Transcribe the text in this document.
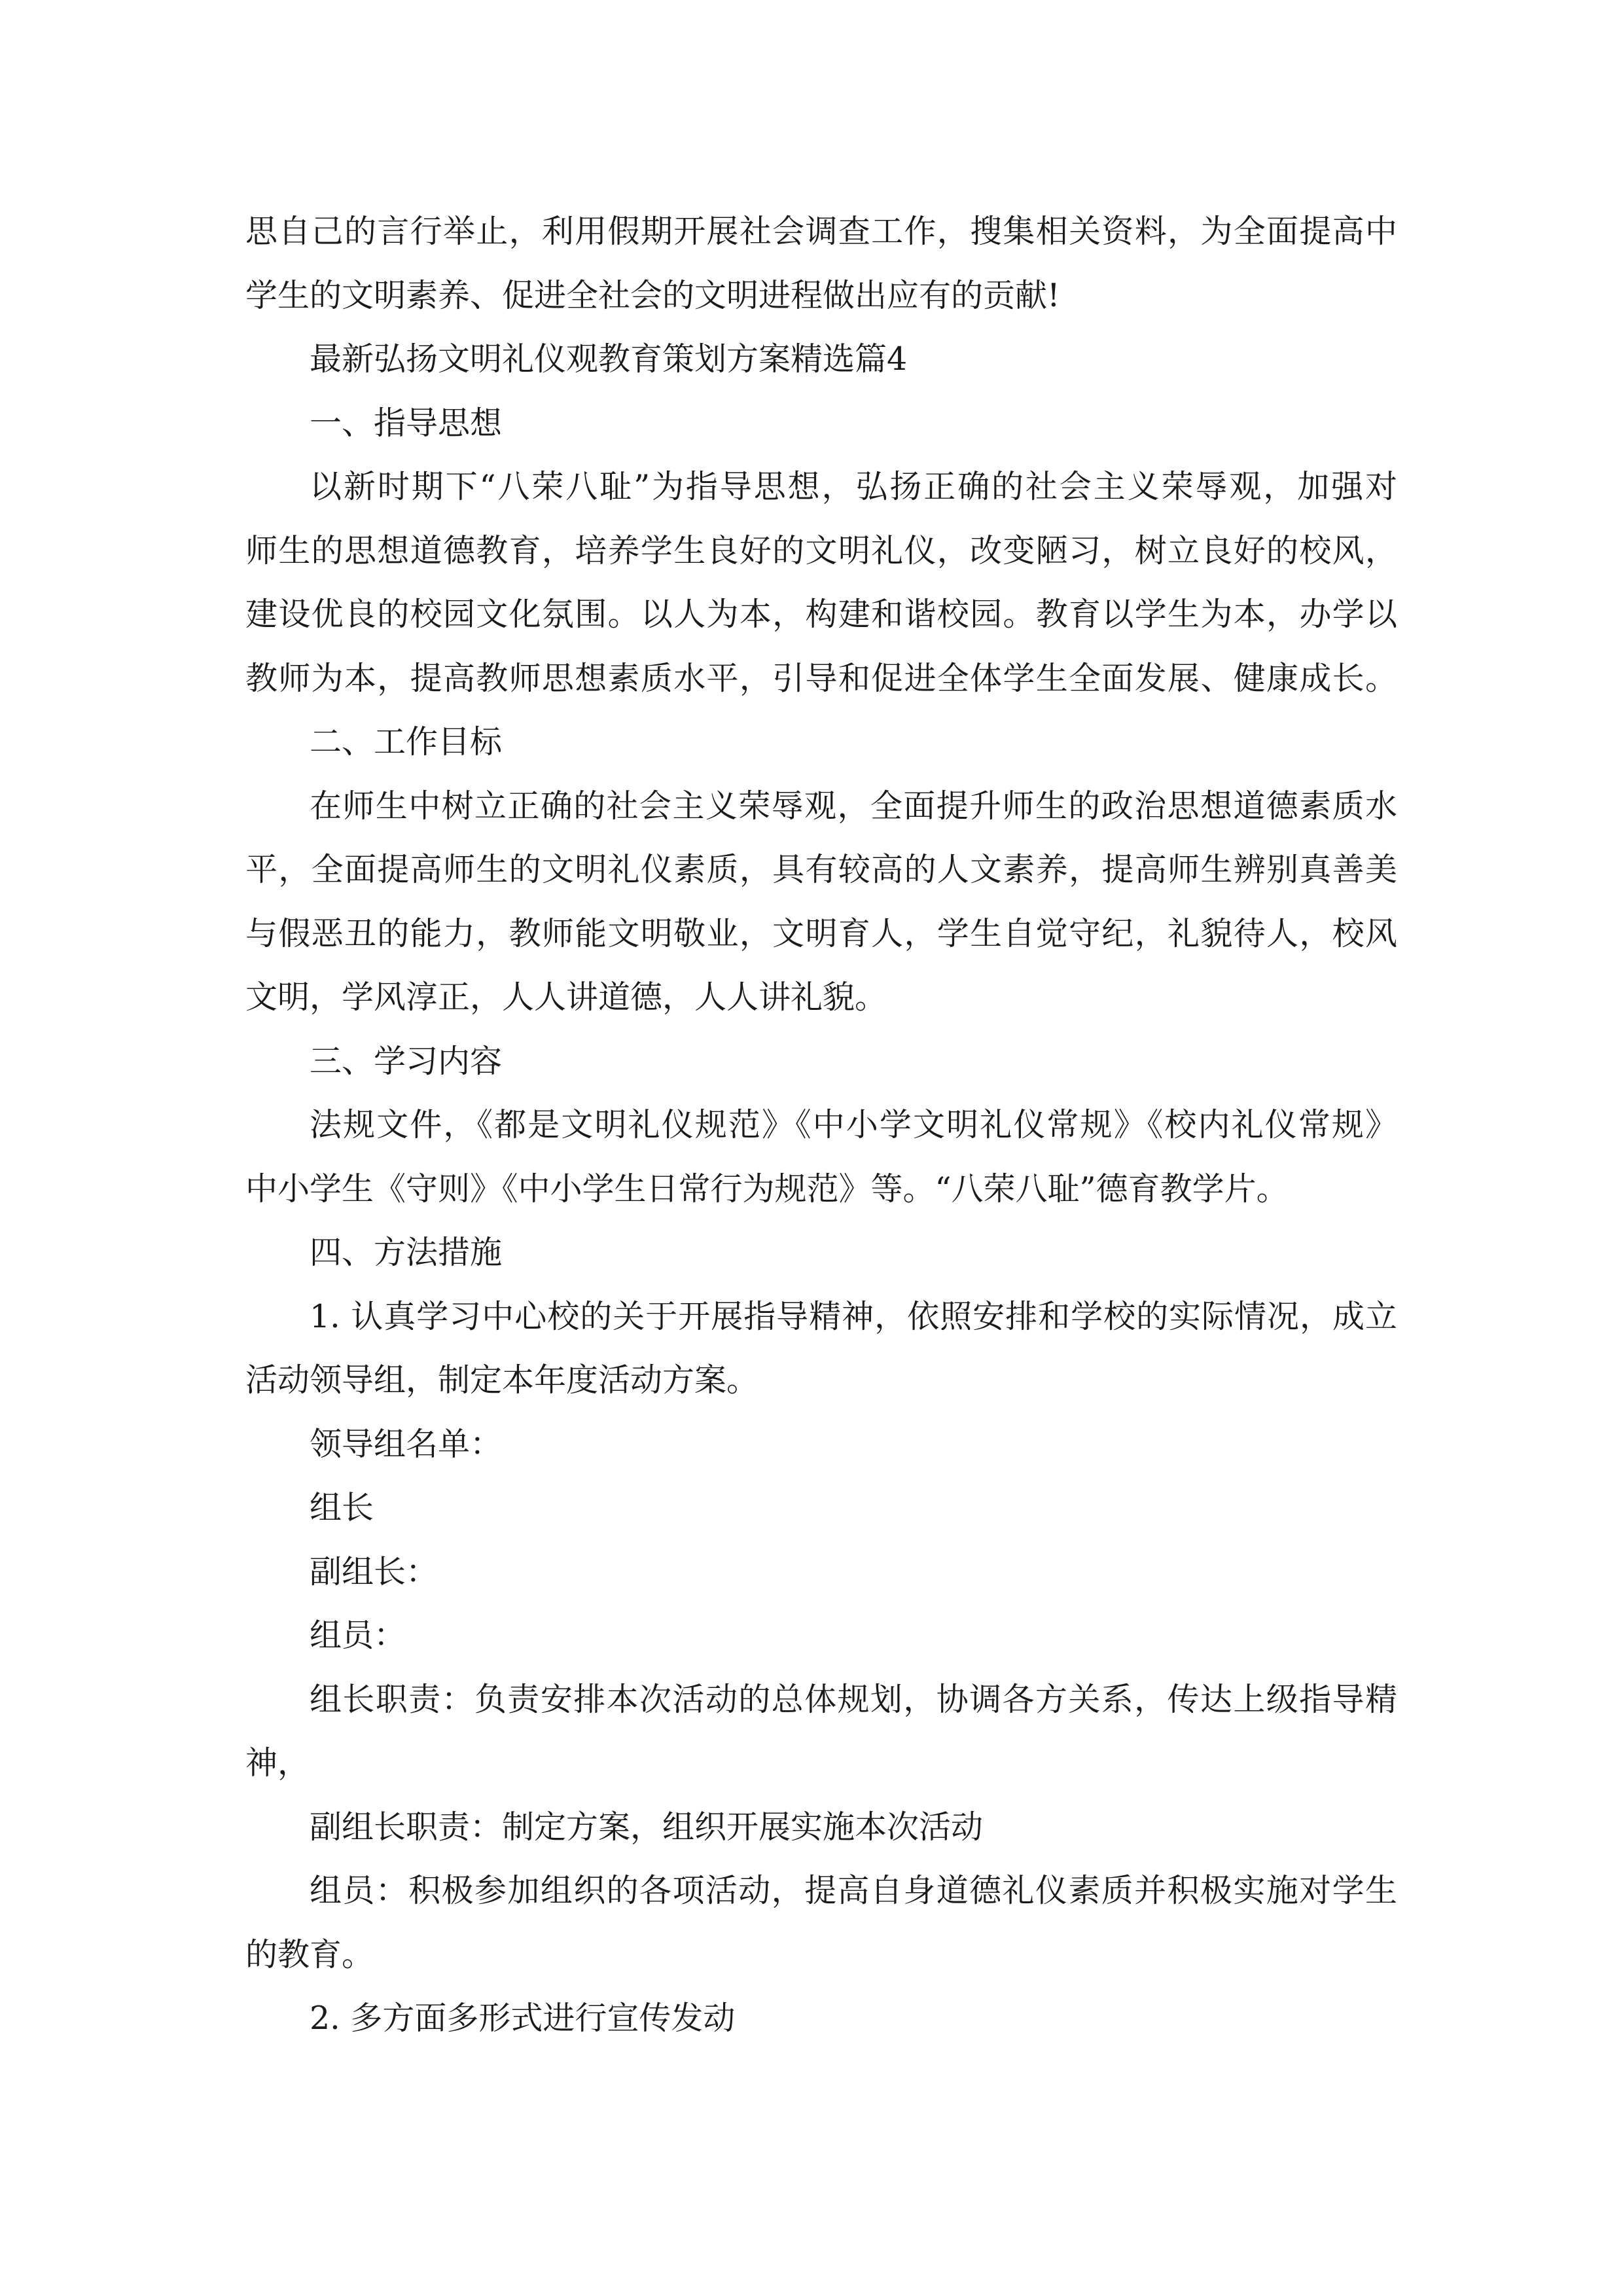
思自己的言行举止，利用假期开展社会调查工作，搜集相关资料，为全面提高中

学生的文明素养、促进全社会的文明进程做出应有的贡献!

最新弘扬文明礼仪观教育策划方案精选篇4

一、指导思想

以新时期下“八荣八耻”为指导思想，弘扬正确的社会主义荣辱观，加强对

师生的思想道德教育，培养学生良好的文明礼仪，改变陋习，树立良好的校风，

建设优良的校园文化氛围。以人为本，构建和谐校园。教育以学生为本，办学以

教师为本，提高教师思想素质水平，引导和促进全体学生全面发展、健康成长。

二、工作目标

在师生中树立正确的社会主义荣辱观，全面提升师生的政治思想道德素质水

平，全面提高师生的文明礼仪素质，具有较高的人文素养，提高师生辨别真善美

与假恶丑的能力，教师能文明敬业，文明育人，学生自觉守纪，礼貌待人，校风

文明，学风淳正，人人讲道德，人人讲礼貌。

三、学习内容

法规文件，《都是文明礼仪规范》《中小学文明礼仪常规》《校内礼仪常规》

中小学生《守则》《中小学生日常行为规范》等。“八荣八耻”德育教学片。

四、方法措施

1. 认真学习中心校的关于开展指导精神，依照安排和学校的实际情况，成立

活动领导组，制定本年度活动方案。

领导组名单：

组长

副组长：

组员：

组长职责：负责安排本次活动的总体规划，协调各方关系，传达上级指导精

神，

副组长职责：制定方案，组织开展实施本次活动

组员：积极参加组织的各项活动，提高自身道德礼仪素质并积极实施对学生

的教育。

2. 多方面多形式进行宣传发动
